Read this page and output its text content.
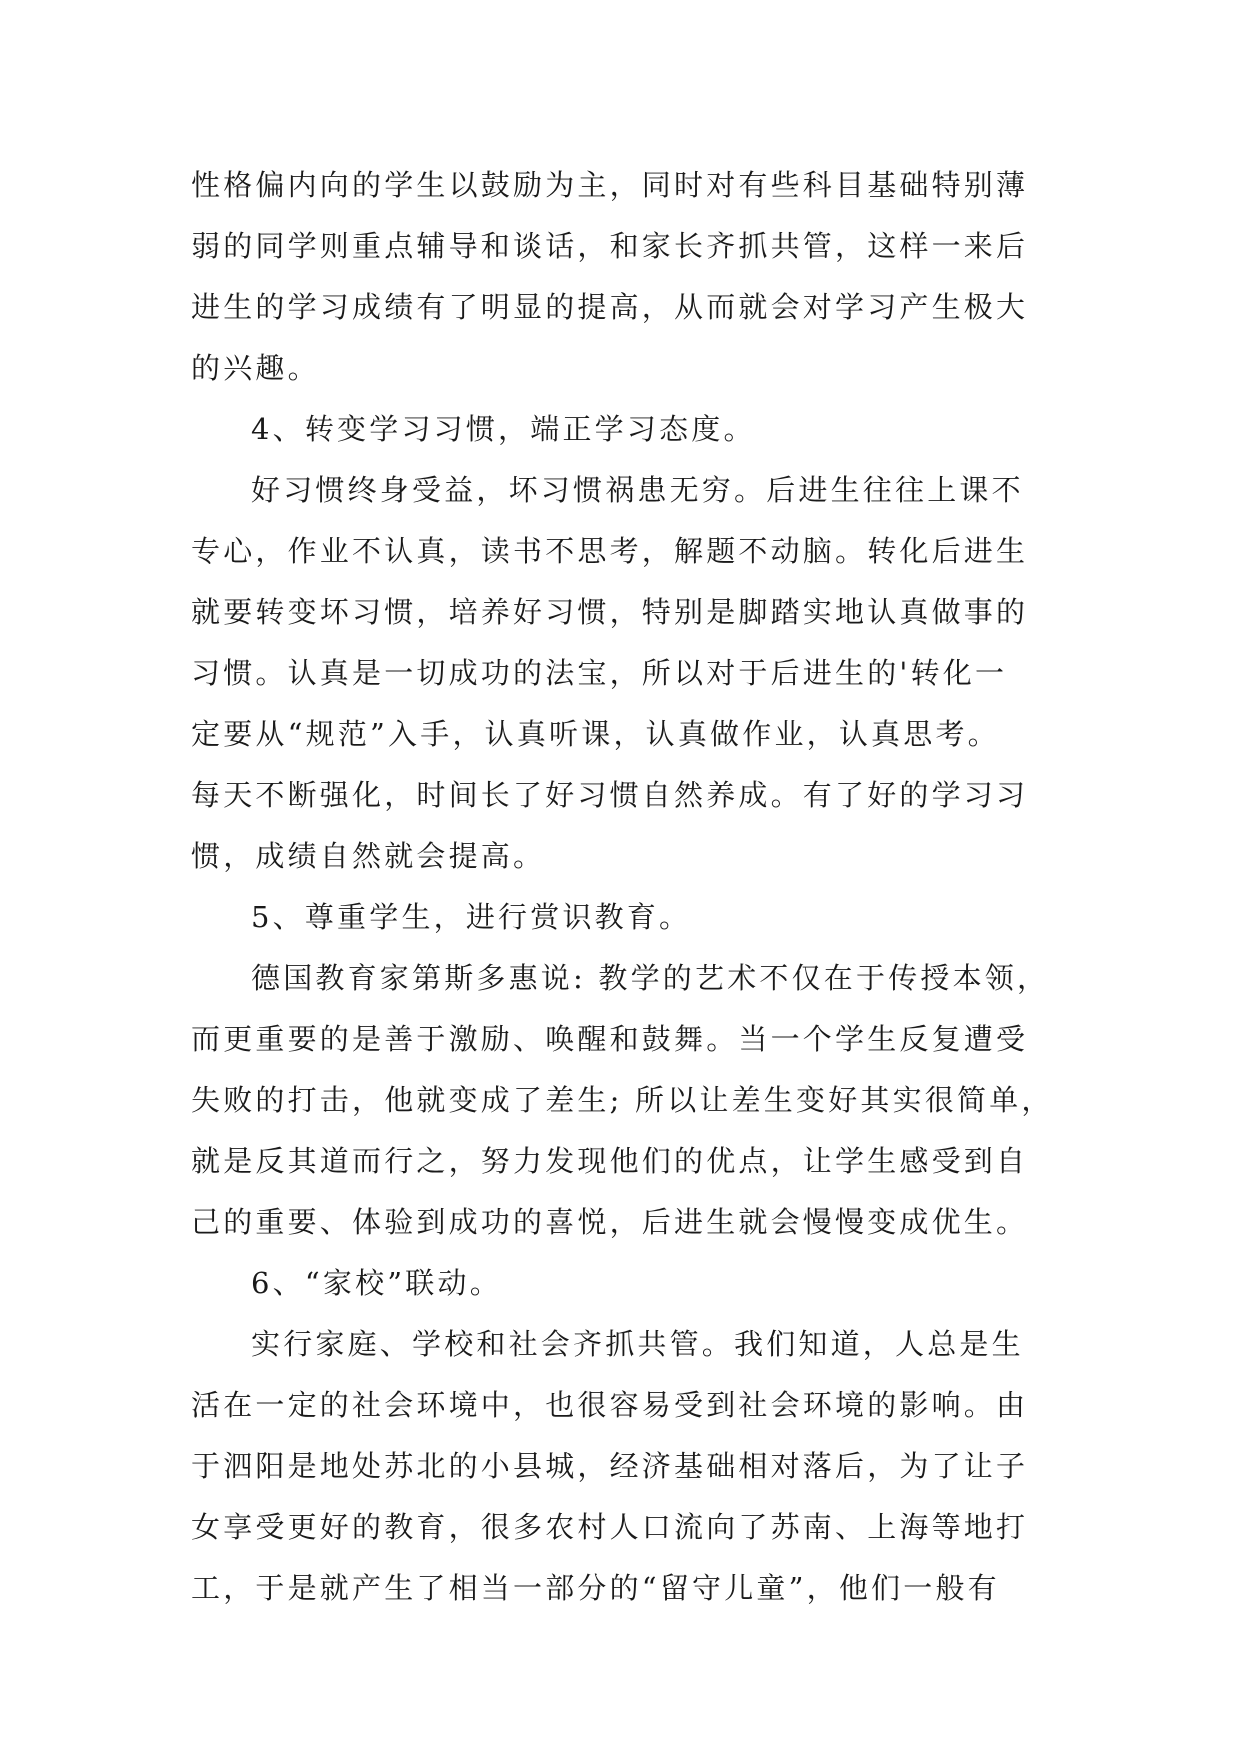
性格偏内向的学生以鼓励为主，同时对有些科目基础特别薄
弱的同学则重点辅导和谈话，和家长齐抓共管，这样一来后
进生的学习成绩有了明显的提高，从而就会对学习产生极大
的兴趣。
4、转变学习习惯，端正学习态度。
好习惯终身受益，坏习惯祸患无穷。后进生往往上课不
专心，作业不认真，读书不思考，解题不动脑。转化后进生
就要转变坏习惯，培养好习惯，特别是脚踏实地认真做事的
习惯。认真是一切成功的法宝，所以对于后进生的'转化一
定要从“规范”入手，认真听课，认真做作业，认真思考。
每天不断强化，时间长了好习惯自然养成。有了好的学习习
惯，成绩自然就会提高。
5、尊重学生，进行赏识教育。
德国教育家第斯多惠说: 教学的艺术不仅在于传授本领，
而更重要的是善于激励、唤醒和鼓舞。当一个学生反复遭受
失败的打击，他就变成了差生; 所以让差生变好其实很简单，
就是反其道而行之，努力发现他们的优点，让学生感受到自
己的重要、体验到成功的喜悦，后进生就会慢慢变成优生。
6、“家校”联动。
实行家庭、学校和社会齐抓共管。我们知道，人总是生
活在一定的社会环境中，也很容易受到社会环境的影响。由
于泗阳是地处苏北的小县城，经济基础相对落后，为了让子
女享受更好的教育，很多农村人口流向了苏南、上海等地打
工，于是就产生了相当一部分的“留守儿童”，他们一般有
